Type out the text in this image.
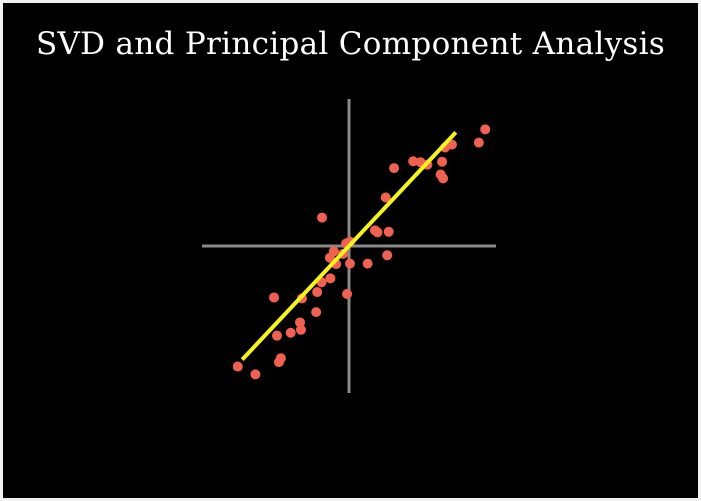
SVD and Principal Component Analysis
